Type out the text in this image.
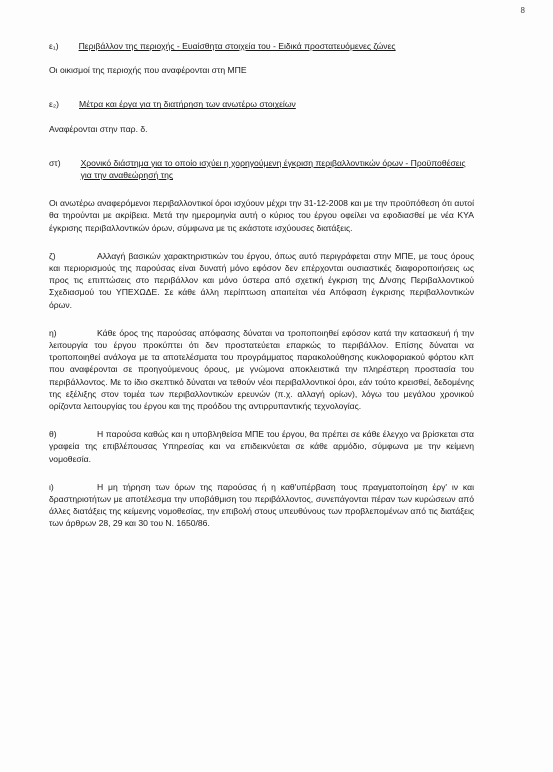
8
ε₁) Περιβάλλον της περιοχής - Ευαίσθητα στοιχεία του - Ειδικά προστατευόμενες ζώνες

Οι οικισμοί της περιοχής που αναφέρονται στη ΜΠΕ

ε₂) Μέτρα και έργα για τη διατήρηση των ανωτέρω στοιχείων

Αναφέρονται στην παρ. δ.

στ) Χρονικό διάστημα για το οποίο ισχύει η χορηγούμενη έγκριση περιβαλλοντικών όρων - Προϋποθέσεις για την αναθεώρησή της

Οι ανωτέρω αναφερόμενοι περιβαλλοντικοί όροι ισχύουν μέχρι την 31-12-2008 και με την προϋπόθεση ότι αυτοί θα τηρούνται με ακρίβεια. Μετά την ημερομηνία αυτή ο κύριος του έργου οφείλει να εφοδιασθεί με νέα ΚΥΑ έγκρισης περιβαλλοντικών όρων, σύμφωνα με τις εκάστοτε ισχύουσες διατάξεις.

ζ)	Αλλαγή βασικών χαρακτηριστικών του έργου, όπως αυτό περιγράφεται στην ΜΠΕ, με τους όρους και περιορισμούς της παρούσας είναι δυνατή μόνο εφόσον δεν επέρχονται ουσιαστικές διαφοροποιήσεις ως προς τις επιπτώσεις στο περιβάλλον και μόνο ύστερα από σχετική έγκριση της Δ/νσης Περιβαλλοντικού Σχεδιασμού του ΥΠΕΧΩΔΕ. Σε κάθε άλλη περίπτωση απαιτείται νέα Απόφαση έγκρισης περιβαλλοντικών όρων.

η)	Κάθε όρος της παρούσας απόφασης δύναται να τροποποιηθεί εφόσον κατά την κατασκευή ή την λειτουργία του έργου προκύπτει ότι δεν προστατεύεται επαρκώς το περιβάλλον. Επίσης δύναται να τροποποιηθεί ανάλογα με τα αποτελέσματα του προγράμματος παρακολούθησης κυκλοφοριακού φόρτου κλπ που αναφέρονται σε προηγούμενους όρους, με γνώμονα αποκλειστικά την πληρέστερη προστασία του περιβάλλοντος. Με το ίδιο σκεπτικό δύναται να τεθούν νέοι περιβαλλοντικοί όροι, εάν τούτο κρεισθεί, δεδομένης της εξέλιξης στον τομέα των περιβαλλοντικών ερευνών (π.χ. αλλαγή ορίων), λόγω του μεγάλου χρονικού ορίζοντα λειτουργίας του έργου και της προόδου της αντιρρυπαντικής τεχνολογίας.

θ)	Η παρούσα καθώς και η υποβληθείσα ΜΠΕ του έργου, θα πρέπει σε κάθε έλεγχο να βρίσκεται στα γραφεία της επιβλέπουσας Υπηρεσίας και να επιδεικνύεται σε κάθε αρμόδιο, σύμφωνα με την κείμενη νομοθεσία.

ι)	Η μη τήρηση των όρων της παρούσας ή η καθ'υπέρβαση τους πραγματοποίηση έργ' ιν και δραστηριοτήτων με αποτέλεσμα την υποβάθμιση του περιβάλλοντος, συνεπάγονται πέραν των κυρώσεων από άλλες διατάξεις της κείμενης νομοθεσίας, την επιβολή στους υπευθύνους των προβλεπομένων από τις διατάξεις των άρθρων 28, 29 και 30 του Ν. 1650/86.
